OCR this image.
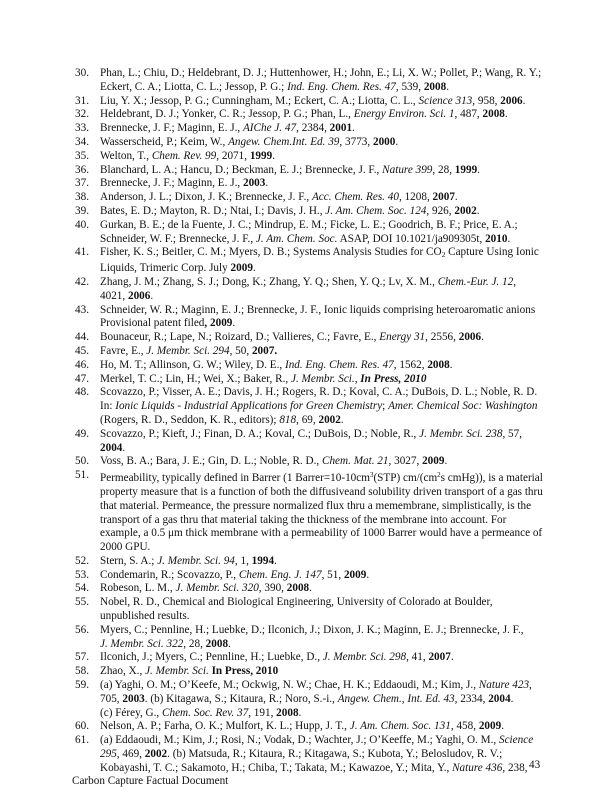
30. Phan, L.; Chiu, D.; Heldebrant, D. J.; Huttenhower, H.; John, E.; Li, X. W.; Pollet, P.; Wang, R. Y.;
Eckert, C. A.; Liotta, C. L.; Jessop, P. G.; Ind. Eng. Chem. Res. 47, 539, 2008.
31. Liu, Y. X.; Jessop, P. G.; Cunningham, M.; Eckert, C. A.; Liotta, C. L., Science 313, 958, 2006.
32. Heldebrant, D. J.; Yonker, C. R.; Jessop, P. G.; Phan, L., Energy Environ. Sci. 1, 487, 2008.
33. Brennecke, J. F.; Maginn, E. J., AIChe J. 47, 2384, 2001.
34. Wasserscheid, P.; Keim, W., Angew. Chem.Int. Ed. 39, 3773, 2000.
35. Welton, T., Chem. Rev. 99, 2071, 1999.
36. Blanchard, L. A.; Hancu, D.; Beckman, E. J.; Brennecke, J. F., Nature 399, 28, 1999.
37. Brennecke, J. F.; Maginn, E. J., 2003.
38. Anderson, J. L.; Dixon, J. K.; Brennecke, J. F., Acc. Chem. Res. 40, 1208, 2007.
39. Bates, E. D.; Mayton, R. D.; Ntai, I.; Davis, J. H., J. Am. Chem. Soc. 124, 926, 2002.
40. Gurkan, B. E.; de la Fuente, J. C.; Mindrup, E. M.; Ficke, L. E.; Goodrich, B. F.; Price, E. A.;
Schneider, W. F.; Brennecke, J. F., J. Am. Chem. Soc. ASAP, DOI 10.1021/ja909305t, 2010.
41. Fisher, K. S.; Beitler, C. M.; Myers, D. B.; Systems Analysis Studies for $CO_2$ Capture Using Ionic
Liquids, Trimeric Corp. July 2009.
42. Zhang, J. M.; Zhang, S. J.; Dong, K.; Zhang, Y. Q.; Shen, Y. Q.; Lv, X. M., Chem.-Eur. J. 12,
4021, 2006.
43. Schneider, W. R.; Maginn, E. J.; Brennecke, J. F., Ionic liquids comprising heteroaromatic anions
Provisional patent filed, 2009.
44. Bounaceur, R.; Lape, N.; Roizard, D.; Vallieres, C.; Favre, E., Energy 31, 2556, 2006.
45. Favre, E., J. Membr. Sci. 294, 50, 2007.
46. Ho, M. T.; Allinson, G. W.; Wiley, D. E., Ind. Eng. Chem. Res. 47, 1562, 2008.
47. Merkel, T. C.; Lin, H.; Wei, X.; Baker, R., J. Membr. Sci., In Press, 2010
48. Scovazzo, P.; Visser, A. E.; Davis, J. H.; Rogers, R. D.; Koval, C. A.; DuBois, D. L.; Noble, R. D.
In: Ionic Liquids - Industrial Applications for Green Chemistry; Amer. Chemical Soc: Washington
(Rogers, R. D., Seddon, K. R., editors); 818, 69, 2002.
49. Scovazzo, P.; Kieft, J.; Finan, D. A.; Koval, C.; DuBois, D.; Noble, R., J. Membr. Sci. 238, 57,
2004.
50. Voss, B. A.; Bara, J. E.; Gin, D. L.; Noble, R. D., Chem. Mat. 21, 3027, 2009.
51. Permeability, typically defined in Barrer (1 $Barrer=10-10cm^3(STP)$ $cm/(cm^2s$ cmHg)), is a material
property measure that is a function of both the diffusiveand solubility driven transport of a gas thru
that material. Permeance, the pressure normalized flux thru a memembrane, simplistically, is the
transport of a gas thru that material taking the thickness of the membrane into account. For
example, a 0.5 μm thick membrane with a permeability of 1000 Barrer would have a permeance of
2000 GPU.
52. Stern, S. A.; J. Membr. Sci. 94, 1, 1994.
53. Condemarin, R.; Scovazzo, P., Chem. Eng. J. 147, 51, 2009.
54. Robeson, L. M., J. Membr. Sci. 320, 390, 2008.
55. Nobel, R. D., Chemical and Biological Engineering, University of Colorado at Boulder,
unpublished results.
56. Myers, C.; Pennline, H.; Luebke, D.; Ilconich, J.; Dixon, J. K.; Maginn, E. J.; Brennecke, J. F.,
J. Membr. Sci. 322, 28, 2008.
57. Ilconich, J.; Myers, C.; Pennline, H.; Luebke, D., J. Membr. Sci. 298, 41, 2007.
58. Zhao, X., J. Membr. Sci. In Press, 2010
59. (a) Yaghi, O. M.; O’Keefe, M.; Ockwig, N. W.; Chae, H. K.; Eddaoudi, M.; Kim, J., Nature 423,
705, 2003. (b) Kitagawa, S.; Kitaura, R.; Noro, S.-i., Angew. Chem., Int. Ed. 43, 2334, 2004.
(c) Férey, G., Chem. Soc. Rev. 37, 191, 2008.
60. Nelson, A. P.; Farha, O. K.; Mulfort, K. L.; Hupp, J. T., J. Am. Chem. Soc. 131, 458, 2009.
61. (a) Eddaoudi, M.; Kim, J.; Rosi, N.; Vodak, D.; Wachter, J.; O’Keeffe, M.; Yaghi, O. M., Science
295, 469, 2002. (b) Matsuda, R.; Kitaura, R.; Kitagawa, S.; Kubota, Y.; Belosludov, R. V.;
Kobayashi, T. C.; Sakamoto, H.; Chiba, T.; Takata, M.; Kawazoe, Y.; Mita, Y., Nature 436, 238, 43
Carbon Capture Factual Document
